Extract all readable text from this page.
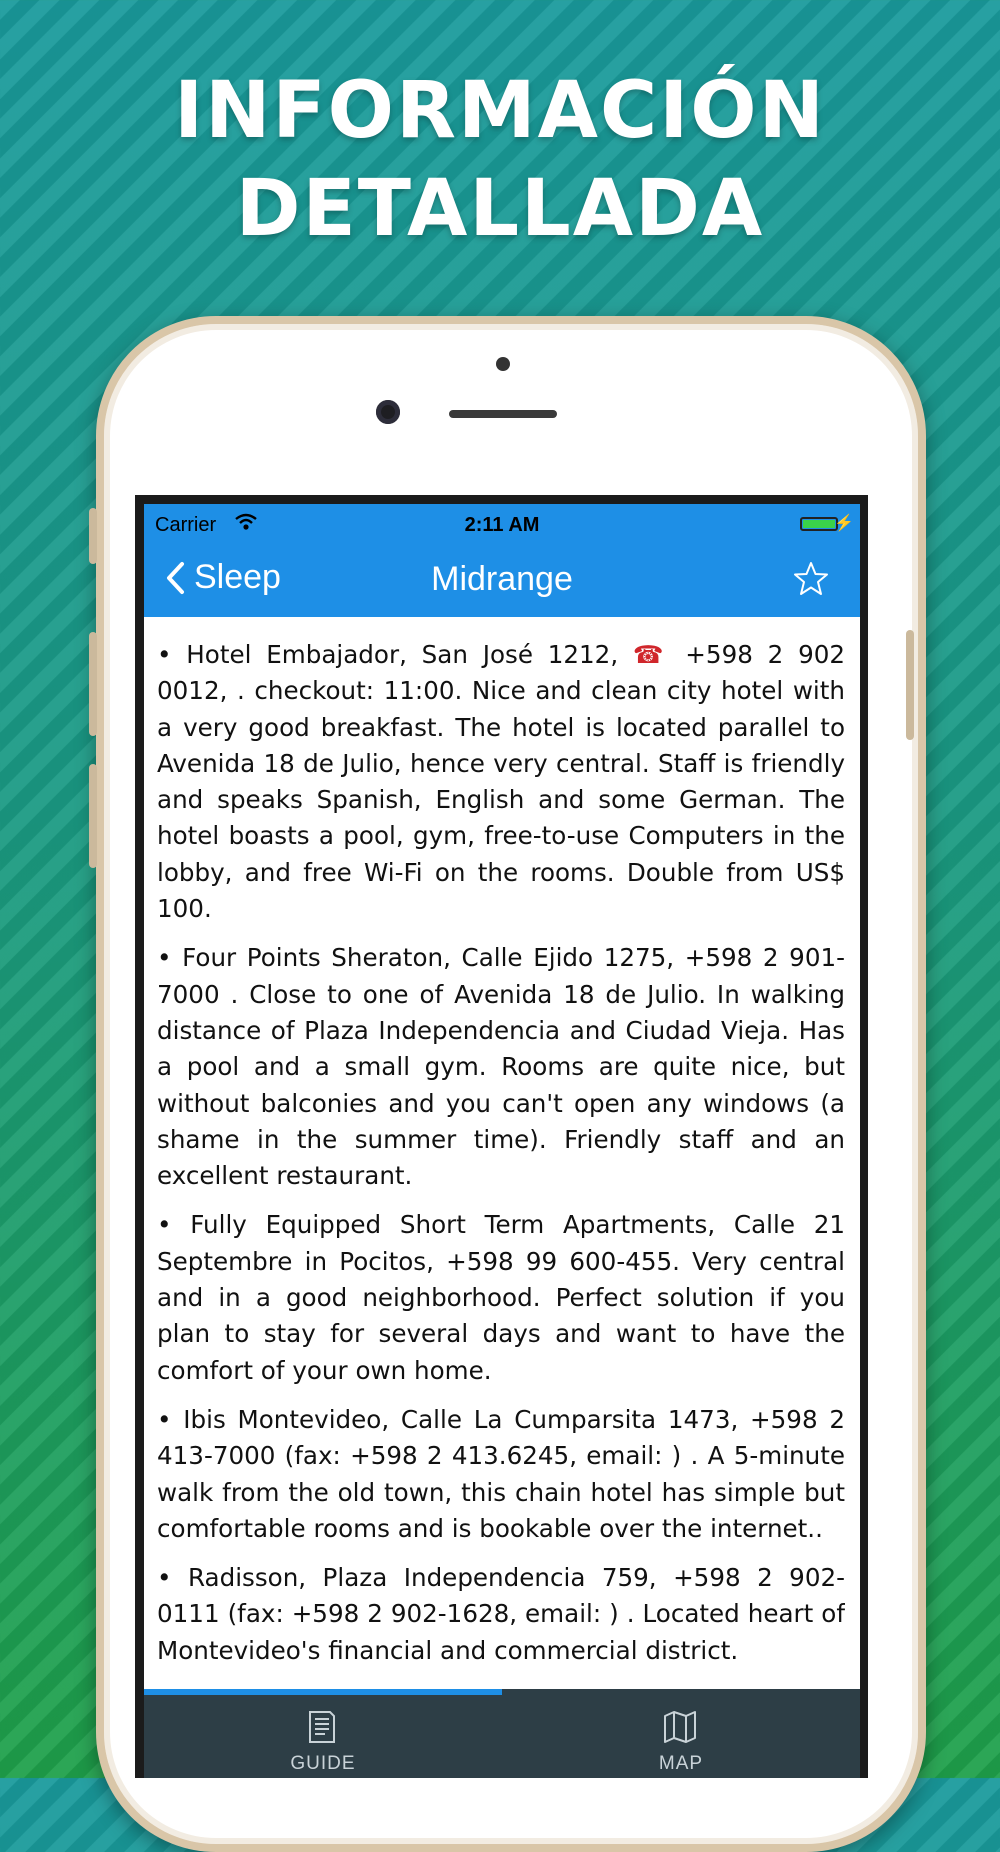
INFORMACIÓN
DETALLADA
Carrier	2:11 AM	⚡
Sleep	Midrange

• Hotel Embajador, San José 1212, ☎ +598 2 902 0012, . checkout: 11:00. Nice and clean city hotel with a very good breakfast. The hotel is located parallel to Avenida 18 de Julio, hence very central. Staff is friendly and speaks Spanish, English and some German. The hotel boasts a pool, gym, free-to-use Computers in the lobby, and free Wi-Fi on the rooms. Double from US$ 100.

• Four Points Sheraton, Calle Ejido 1275, +598 2 901-7000 . Close to one of Avenida 18 de Julio. In walking distance of Plaza Independencia and Ciudad Vieja. Has a pool and a small gym. Rooms are quite nice, but without balconies and you can't open any windows (a shame in the summer time). Friendly staff and an excellent restaurant.

• Fully Equipped Short Term Apartments, Calle 21 Septembre in Pocitos, +598 99 600-455. Very central and in a good neighborhood. Perfect solution if you plan to stay for several days and want to have the comfort of your own home.

• Ibis Montevideo, Calle La Cumparsita 1473, +598 2 413-7000 (fax: +598 2 413.6245, email: ) . A 5-minute walk from the old town, this chain hotel has simple but comfortable rooms and is bookable over the internet..

• Radisson, Plaza Independencia 759, +598 2 902-0111 (fax: +598 2 902-1628, email: ) . Located heart of Montevideo's financial and commercial district.

GUIDE	MAP
